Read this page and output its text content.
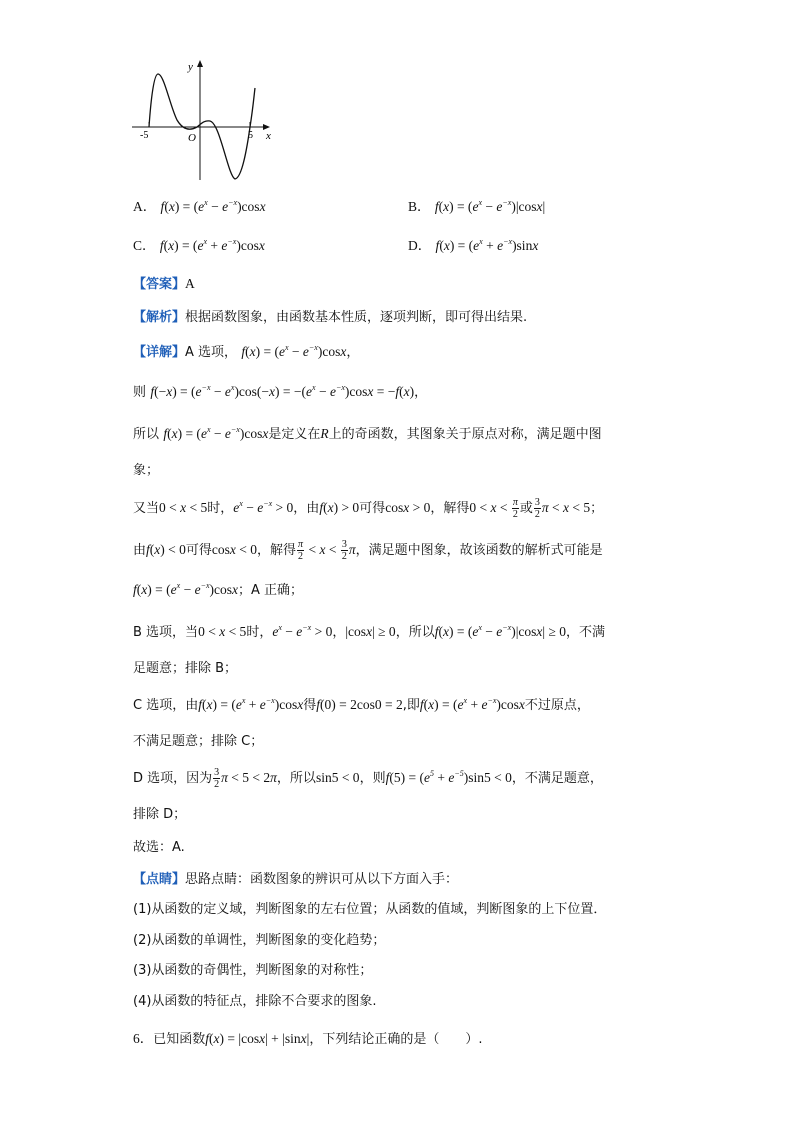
y
x
O
-5	5
A． $f(x) = (e^x - e^{-x})\cos x$	B． $f(x) = (e^x - e^{-x})|\cos x|$
C． $f(x) = (e^x + e^{-x})\cos x$	D． $f(x) = (e^x + e^{-x})\sin x$
【答案】A
【解析】根据函数图象，由函数基本性质，逐项判断，即可得出结果.
【详解】A 选项， $f(x) = (e^x - e^{-x})\cos x$，
则 $f(-x) = (e^{-x} - e^x)\cos(-x) = -(e^x - e^{-x})\cos x = -f(x)$，
所以 $f(x) = (e^x - e^{-x})\cos x$是定义在R上的奇函数，其图象关于原点对称，满足题中图
象；
又当0 < x < 5时，$e^x - e^{-x} > 0$，由f(x) > 0可得cosx > 0，解得$0 < x < \frac{\pi}{2}$ 或 $\frac{3}{2}$ π < x < 5；
由f(x) < 0可得cosx < 0，解得 $\frac{\pi}{2} < x < \frac{3}{2}$ π，满足题中图象，故该函数的解析式可能是
$f(x) = (e^x - e^{-x})\cos x$；A 正确；
B 选项，当0 < x < 5时，$e^x - e^{-x} > 0$，|cosx| ≥ 0，所以$f(x) = (e^x - e^{-x})|\cos x| \ge 0$，不满
足题意；排除 B；
C 选项，由$f(x) = (e^x + e^{-x})\cos x$得f(0) = 2cos0 = 2,即$f(x) = (e^x + e^{-x})\cos x$不过原点，
不满足题意；排除 C；
D 选项，因为 $\frac{3}{2}$ π < 5 < 2π，所以sin5 < 0，则$f(5) = (e^5 + e^{-5})\sin 5 < 0$，不满足题意，
排除 D；
故选：A.
【点睛】思路点睛：函数图象的辨识可从以下方面入手：
(1)从函数的定义域，判断图象的左右位置；从函数的值域，判断图象的上下位置．
(2)从函数的单调性，判断图象的变化趋势；
(3)从函数的奇偶性，判断图象的对称性；
(4)从函数的特征点，排除不合要求的图象.
6．已知函数f(x) = |cosx| + |sinx|，下列结论正确的是（　　）.
